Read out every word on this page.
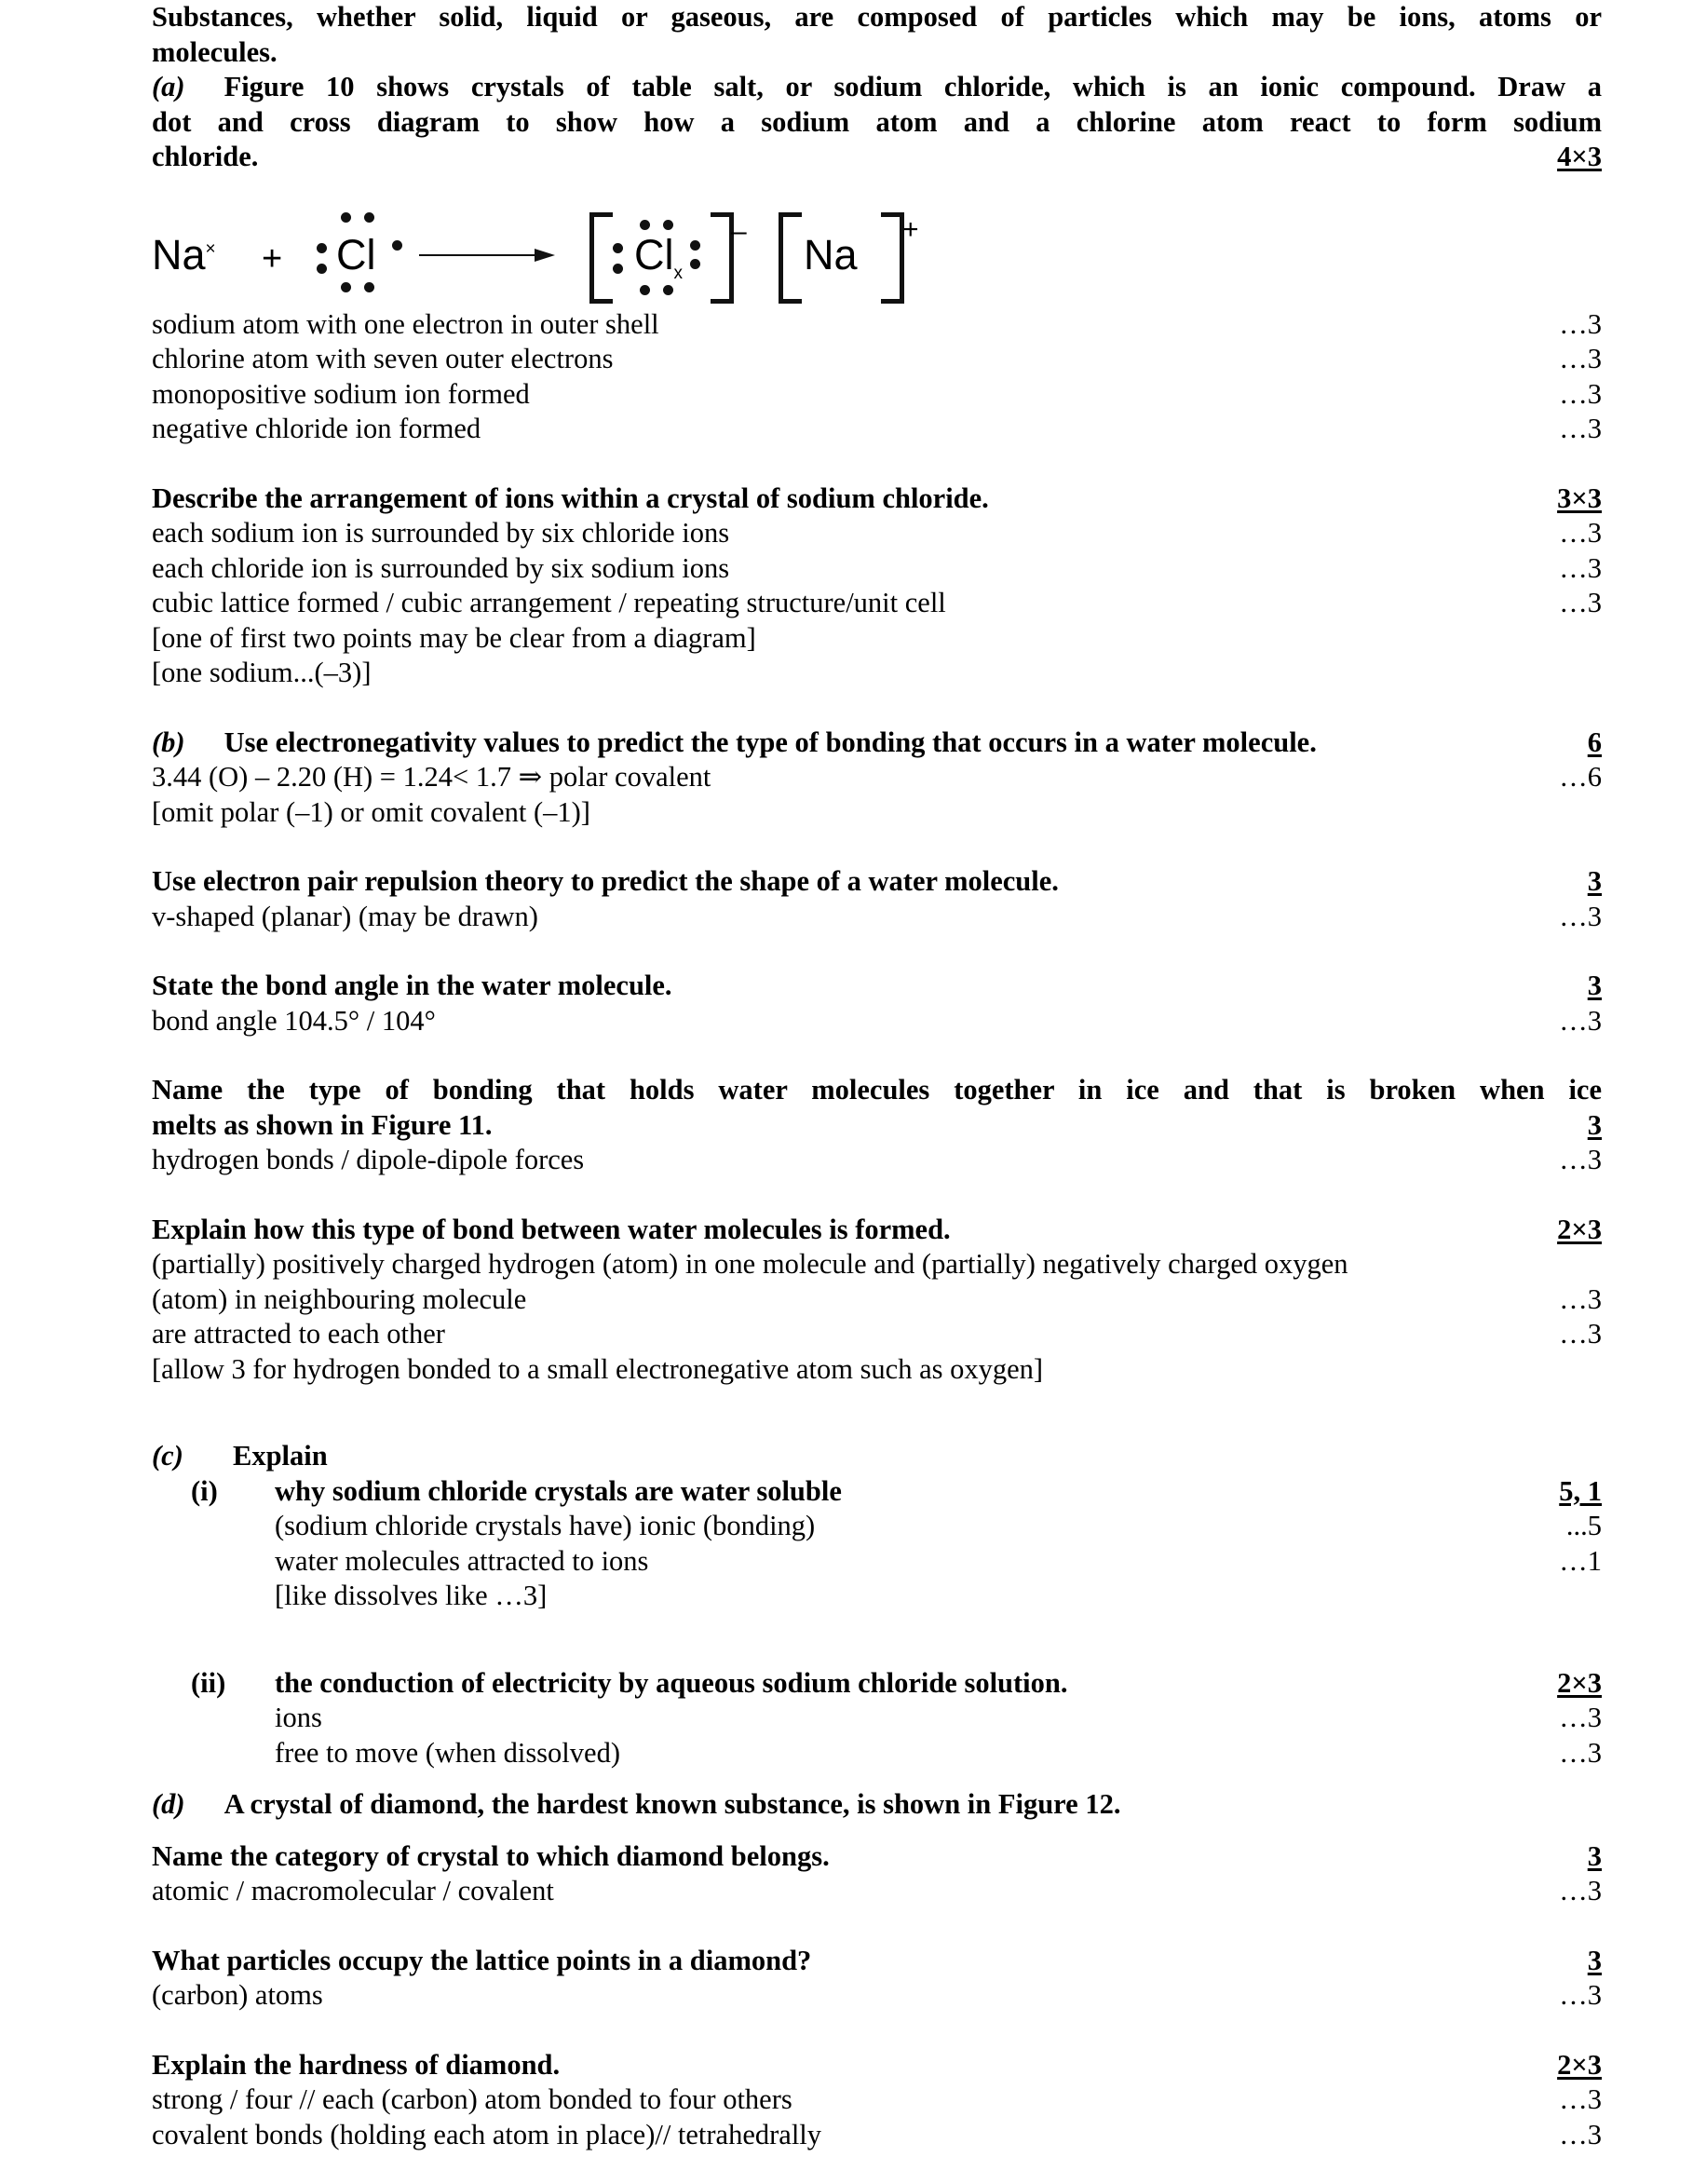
Substances, whether solid, liquid or gaseous, are composed of particles which may be ions, atoms or
molecules.
(a) Figure 10 shows crystals of table salt, or sodium chloride, which is an ionic compound. Draw a
dot and cross diagram to show how a sodium atom and a chlorine atom react to form sodium
chloride.	4×3
Na× + Cl	$Cl_x$
– Na
+
sodium atom with one electron in outer shell	…3
chlorine atom with seven outer electrons	…3
monopositive sodium ion formed	…3
negative chloride ion formed	…3
Describe the arrangement of ions within a crystal of sodium chloride.	3×3
each sodium ion is surrounded by six chloride ions	…3
each chloride ion is surrounded by six sodium ions	…3
cubic lattice formed / cubic arrangement / repeating structure/unit cell	…3
[one of first two points may be clear from a diagram]
[one sodium...(–3)]
(b) Use electronegativity values to predict the type of bonding that occurs in a water molecule.	6
3.44 (O) – 2.20 (H) = 1.24< 1.7 ⇒ polar covalent	…6
[omit polar (–1) or omit covalent (–1)]
Use electron pair repulsion theory to predict the shape of a water molecule.	3
v-shaped (planar) (may be drawn)	…3
State the bond angle in the water molecule.	3
bond angle 104.5° / 104°	…3
Name the type of bonding that holds water molecules together in ice and that is broken when ice
melts as shown in Figure 11.	3
hydrogen bonds / dipole-dipole forces	…3
Explain how this type of bond between water molecules is formed.	2×3
(partially) positively charged hydrogen (atom) in one molecule and (partially) negatively charged oxygen
(atom) in neighbouring molecule	…3
are attracted to each other	…3
[allow 3 for hydrogen bonded to a small electronegative atom such as oxygen]
(c) Explain
(i) why sodium chloride crystals are water soluble	5, 1
(sodium chloride crystals have) ionic (bonding)	...5
water molecules attracted to ions	…1
[like dissolves like …3]
(ii) the conduction of electricity by aqueous sodium chloride solution.	2×3
ions	…3
free to move (when dissolved)	…3
(d) A crystal of diamond, the hardest known substance, is shown in Figure 12.
Name the category of crystal to which diamond belongs.	3
atomic / macromolecular / covalent	…3
What particles occupy the lattice points in a diamond?	3
(carbon) atoms	…3
Explain the hardness of diamond.	2×3
strong / four // each (carbon) atom bonded to four others	…3
covalent bonds (holding each atom in place)// tetrahedrally	…3
